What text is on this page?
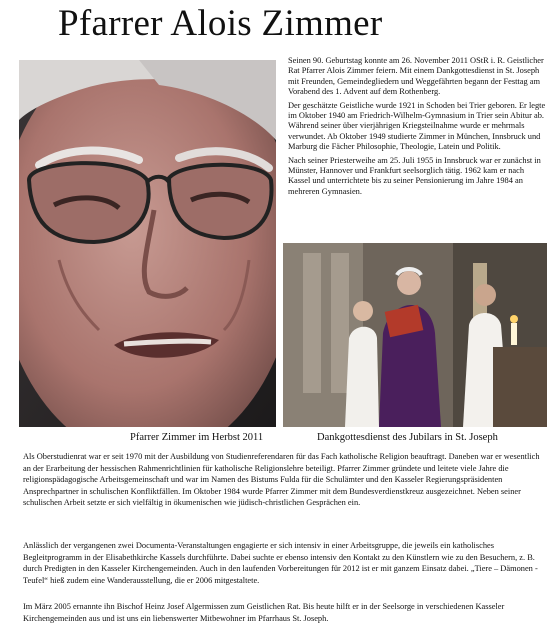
Pfarrer Alois Zimmer

Seinen 90. Geburtstag konnte am 26. November 2011 OStR i. R. Geistlicher Rat Pfarrer Alois Zimmer feiern. Mit einem Dankgottesdienst in St. Joseph mit Freunden, Gemeindegliedern und Weggefährten begann der Festtag am Vorabend des 1. Advent auf dem Rothenberg.

Der geschätzte Geistliche wurde 1921 in Schoden bei Trier geboren. Er legte im Oktober 1940 am Friedrich-Wilhelm-Gymnasium in Trier sein Abitur ab. Während seiner über vierjährigen Kriegsteilnahme wurde er mehrmals verwundet. Ab Oktober 1949 studierte Zimmer in München, Innsbruck und Marburg die Fächer Philosophie, Theologie, Latein und Politik.

Nach seiner Priesterweihe am 25. Juli 1955 in Innsbruck war er zunächst in Münster, Hannover und Frankfurt seelsorglich tätig. 1962 kam er nach Kassel und unterrichtete bis zu seiner Pensionierung im Jahre 1984 an mehreren Gymnasien.

Pfarrer Zimmer im Herbst 2011	Dankgottesdienst des Jubilars in St. Joseph

Als Oberstudienrat war er seit 1970 mit der Ausbildung von Studienreferendaren für das Fach katholische Religion beauftragt. Daneben war er wesentlich an der Erarbeitung der hessischen Rahmenrichtlinien für katholische Religionslehre beteiligt. Pfarrer Zimmer gründete und leitete viele Jahre die religionspädagogische Arbeitsgemeinschaft und war im Namen des Bistums Fulda für die Schulämter und den Kasseler Regierungspräsidenten Ansprechpartner in schulischen Konfliktfällen. Im Oktober 1984 wurde Pfarrer Zimmer mit dem Bundesverdienstkreuz ausgezeichnet. Neben seiner schulischen Arbeit setzte er sich vielfältig in ökumenischen wie jüdisch-christlichen Gesprächen ein.

Anlässlich der vergangenen zwei Documenta-Veranstaltungen engagierte er sich intensiv in einer Arbeitsgruppe, die jeweils ein katholisches Begleitprogramm in der Elisabethkirche Kassels durchführte. Dabei suchte er ebenso intensiv den Kontakt zu den Künstlern wie zu den Besuchern, z. B. durch Predigten in den Kasseler Kirchengemeinden. Auch in den laufenden Vorbereitungen für 2012 ist er mit ganzem Einsatz dabei. „Tiere – Dämonen - Teufel“ hieß zudem eine Wanderausstellung, die er 2006 mitgestaltete.

Im März 2005 ernannte ihn Bischof Heinz Josef Algermissen zum Geistlichen Rat. Bis heute hilft er in der Seelsorge in verschiedenen Kasseler Kirchengemeinden aus und ist uns ein liebenswerter Mitbewohner im Pfarrhaus St. Joseph.
